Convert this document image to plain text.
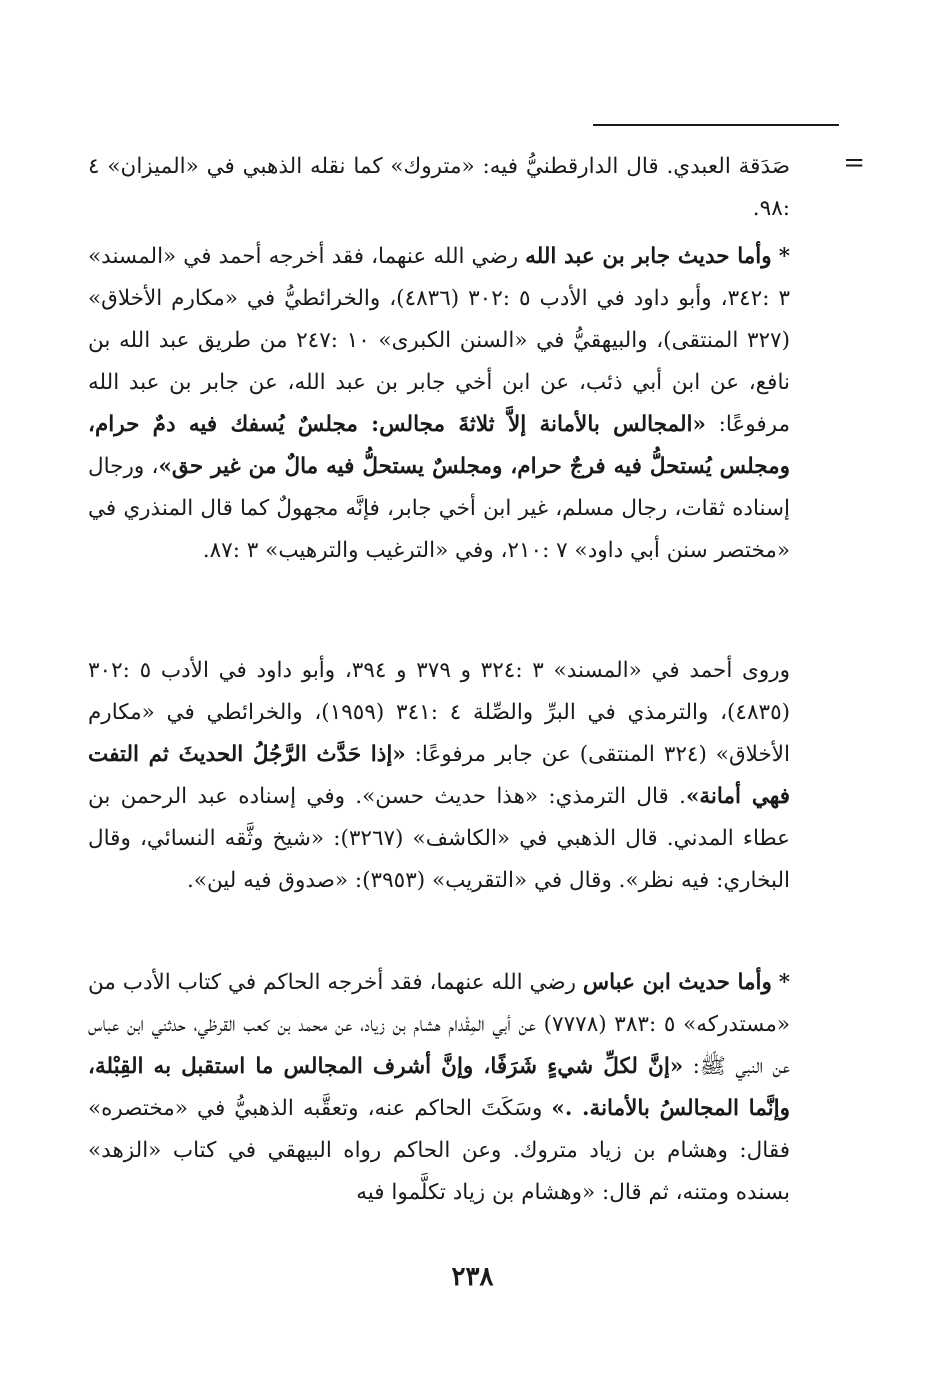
=

صَدَقة العبدي. قال الدارقطنيُّ فيه: «متروك» كما نقله الذهبي في «الميزان» ٤ :٩٨.

* وأما حديث جابر بن عبد الله رضي الله عنهما، فقد أخرجه أحمد في «المسند» ٣ :٣٤٢، وأبو داود في الأدب ٥ :٣٠٢ (٤٨٣٦)، والخرائطيُّ في «مكارم الأخلاق» (٣٢٧ المنتقى)، والبيهقيُّ في «السنن الكبرى» ١٠ :٢٤٧ من طريق عبد الله بن نافع، عن ابن أبي ذئب، عن ابن أخي جابر بن عبد الله، عن جابر بن عبد الله مرفوعًا: «المجالس بالأمانة إلاَّ ثلاثةَ مجالس: مجلسٌ يُسفك فيه دمٌ حرام، ومجلس يُستحلُّ فيه فرجٌ حرام، ومجلسٌ يستحلُّ فيه مالٌ من غير حق»، ورجال إسناده ثقات، رجال مسلم، غير ابن أخي جابر، فإنَّه مجهولٌ كما قال المنذري في «مختصر سنن أبي داود» ٧ :٢١٠، وفي «الترغيب والترهيب» ٣ :٨٧.

وروى أحمد في «المسند» ٣ :٣٢٤ و ٣٧٩ و ٣٩٤، وأبو داود في الأدب ٥ :٣٠٢ (٤٨٣٥)، والترمذي في البرِّ والصِّلة ٤ :٣٤١ (١٩٥٩)، والخرائطي في «مكارم الأخلاق» (٣٢٤ المنتقى) عن جابر مرفوعًا: «إذا حَدَّث الرَّجُلُ الحديثَ ثم التفت فهي أمانة». قال الترمذي: «هذا حديث حسن». وفي إسناده عبد الرحمن بن عطاء المدني. قال الذهبي في «الكاشف» (٣٢٦٧): «شيخ وثَّقه النسائي، وقال البخاري: فيه نظر». وقال في «التقريب» (٣٩٥٣): «صدوق فيه لين».

* وأما حديث ابن عباس رضي الله عنهما، فقد أخرجه الحاكم في كتاب الأدب من «مستدركه» ٥ :٣٨٣ (٧٧٧٨) عن أبي المِقْدام هشام بن زياد، عن محمد بن كعب القرظي، حدثني ابن عباس عن النبي ﷺ: «إنَّ لكلِّ شيءٍ شَرَفًا، وإنَّ أشرف المجالس ما استقبل به القِبْلة، وإنَّما المجالسُ بالأمانة. .» وسَكَتَ الحاكم عنه، وتعقَّبه الذهبيُّ في «مختصره» فقال: وهشام بن زياد متروك. وعن الحاكم رواه البيهقي في كتاب «الزهد» بسنده ومتنه، ثم قال: «وهشام بن زياد تكلَّموا فيه

٢٣٨
